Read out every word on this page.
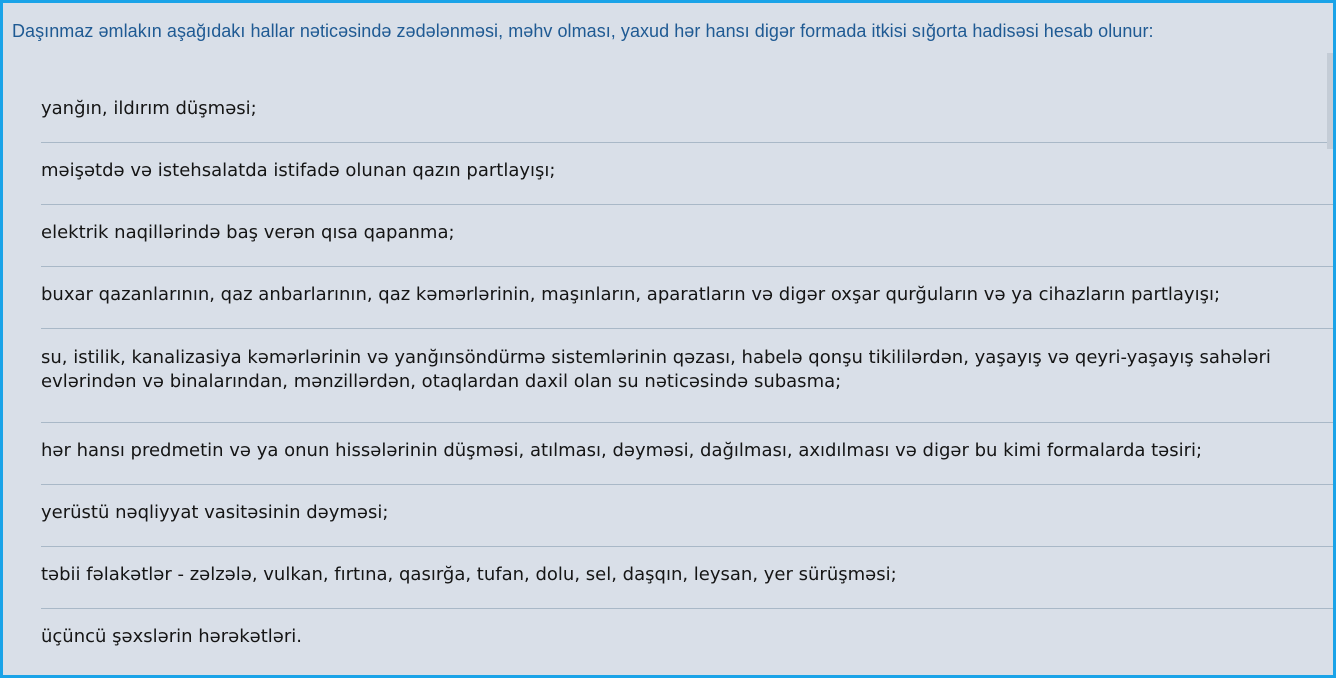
Daşınmaz əmlakın aşağıdakı hallar nəticəsində zədələnməsi, məhv olması, yaxud hər hansı digər formada itkisi sığorta hadisəsi hesab olunur:
yanğın, ildırım düşməsi;
məişətdə və istehsalatda istifadə olunan qazın partlayışı;
elektrik naqillərində baş verən qısa qapanma;
buxar qazanlarının, qaz anbarlarının, qaz kəmərlərinin, maşınların, aparatların və digər oxşar qurğuların və ya cihazların partlayışı;
su, istilik, kanalizasiya kəmərlərinin və yanğınsöndürmə sistemlərinin qəzası, habelə qonşu tikililərdən, yaşayış və qeyri-yaşayış sahələri
evlərindən və binalarından, mənzillərdən, otaqlardan daxil olan su nəticəsində subasma;
hər hansı predmetin və ya onun hissələrinin düşməsi, atılması, dəyməsi, dağılması, axıdılması və digər bu kimi formalarda təsiri;
yerüstü nəqliyyat vasitəsinin dəyməsi;
təbii fəlakətlər - zəlzələ, vulkan, fırtına, qasırğa, tufan, dolu, sel, daşqın, leysan, yer sürüşməsi;
üçüncü şəxslərin hərəkətləri.
